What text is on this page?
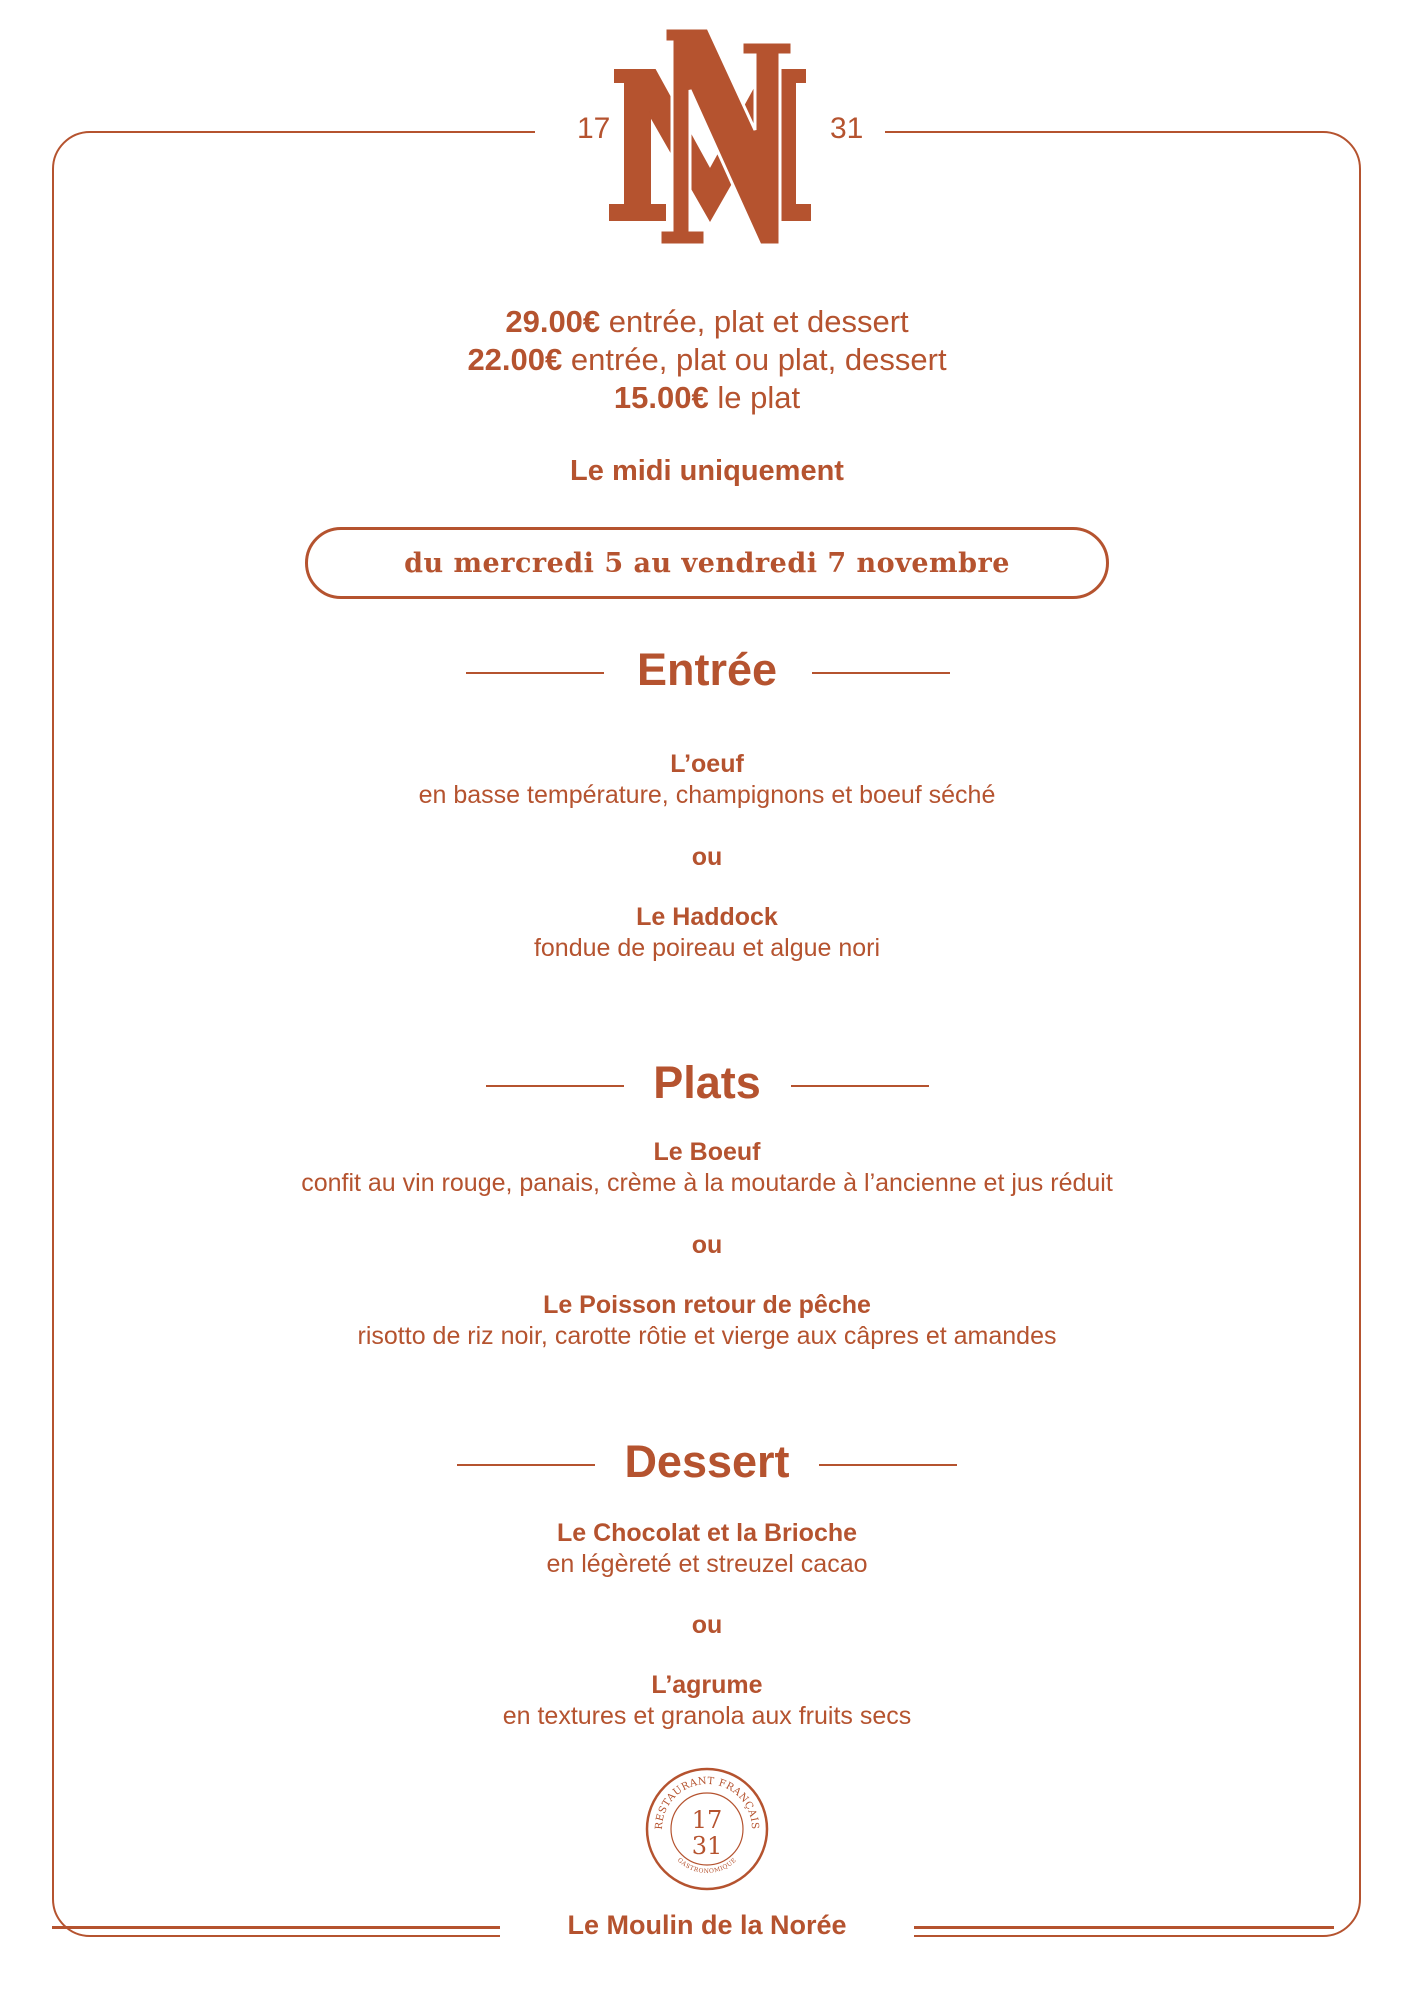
17	31
29.00€ entrée, plat et dessert
22.00€ entrée, plat ou plat, dessert
15.00€ le plat
Le midi uniquement
du mercredi 5 au vendredi 7 novembre
Entrée
L’oeuf
en basse température, champignons et boeuf séché
ou
Le Haddock
fondue de poireau et algue nori
Plats
Le Boeuf
confit au vin rouge, panais, crème à la moutarde à l’ancienne et jus réduit
ou
Le Poisson retour de pêche
risotto de riz noir, carotte rôtie et vierge aux câpres et amandes
Dessert
Le Chocolat et la Brioche
en légèreté et streuzel cacao
ou
L’agrume
en textures et granola aux fruits secs
RESTAURANT FRANÇAIS
GASTRONOMIQUE
17
31
Le Moulin de la Norée
